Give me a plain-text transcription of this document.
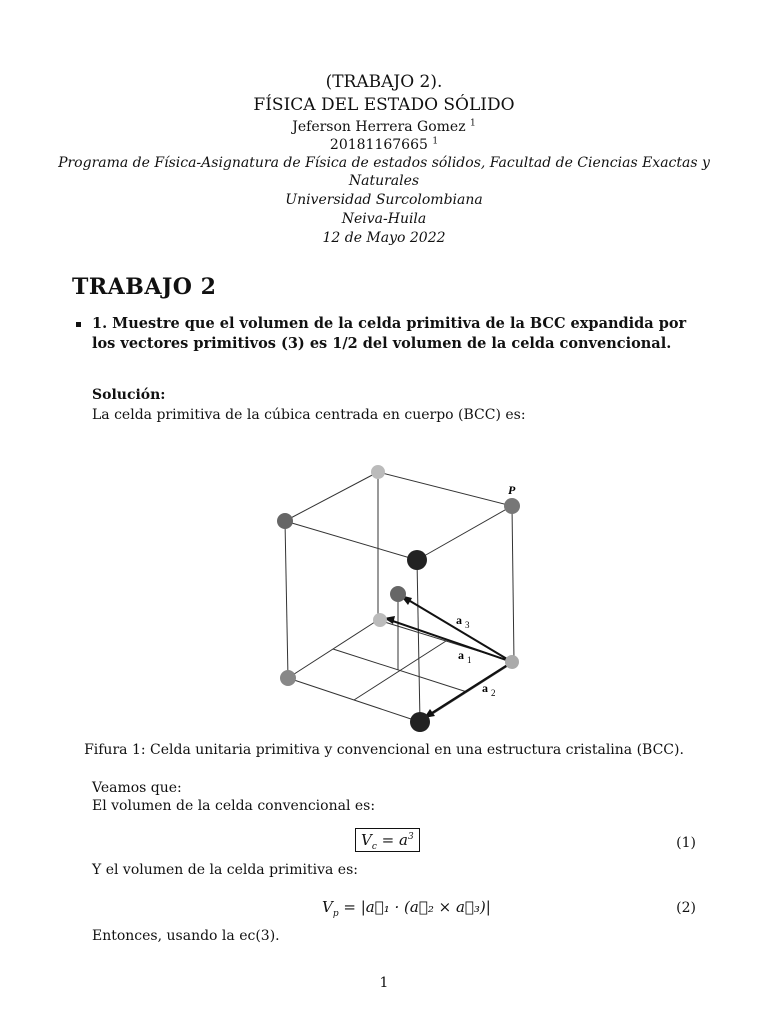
(TRABAJO 2).
FÍSICA DEL ESTADO SÓLIDO
Jeferson Herrera Gomez $^1$
20181167665 $^1$
Programa de Física-Asignatura de Física de estados sólidos, Facultad de Ciencias Exactas y
Naturales
Universidad Surcolombiana
Neiva-Huila
12 de Mayo 2022
TRABAJO 2
1. Muestre que el volumen de la celda primitiva de la BCC expandida por los vectores primitivos (3) es 1/2 del volumen de la celda convencional.
Solución:
La celda primitiva de la cúbica centrada en cuerpo (BCC) es:
P
a 3
a 1
a 2
Fifura 1: Celda unitaria primitiva y convencional en una estructura cristalina (BCC).
Veamos que:
El volumen de la celda convencional es:
$V_c = a^3$	(1)
Y el volumen de la celda primitiva es:
$V_p$ = |a⃗₁ · (a⃗₂ × a⃗₃)|	(2)
Entonces, usando la ec(3).
1
